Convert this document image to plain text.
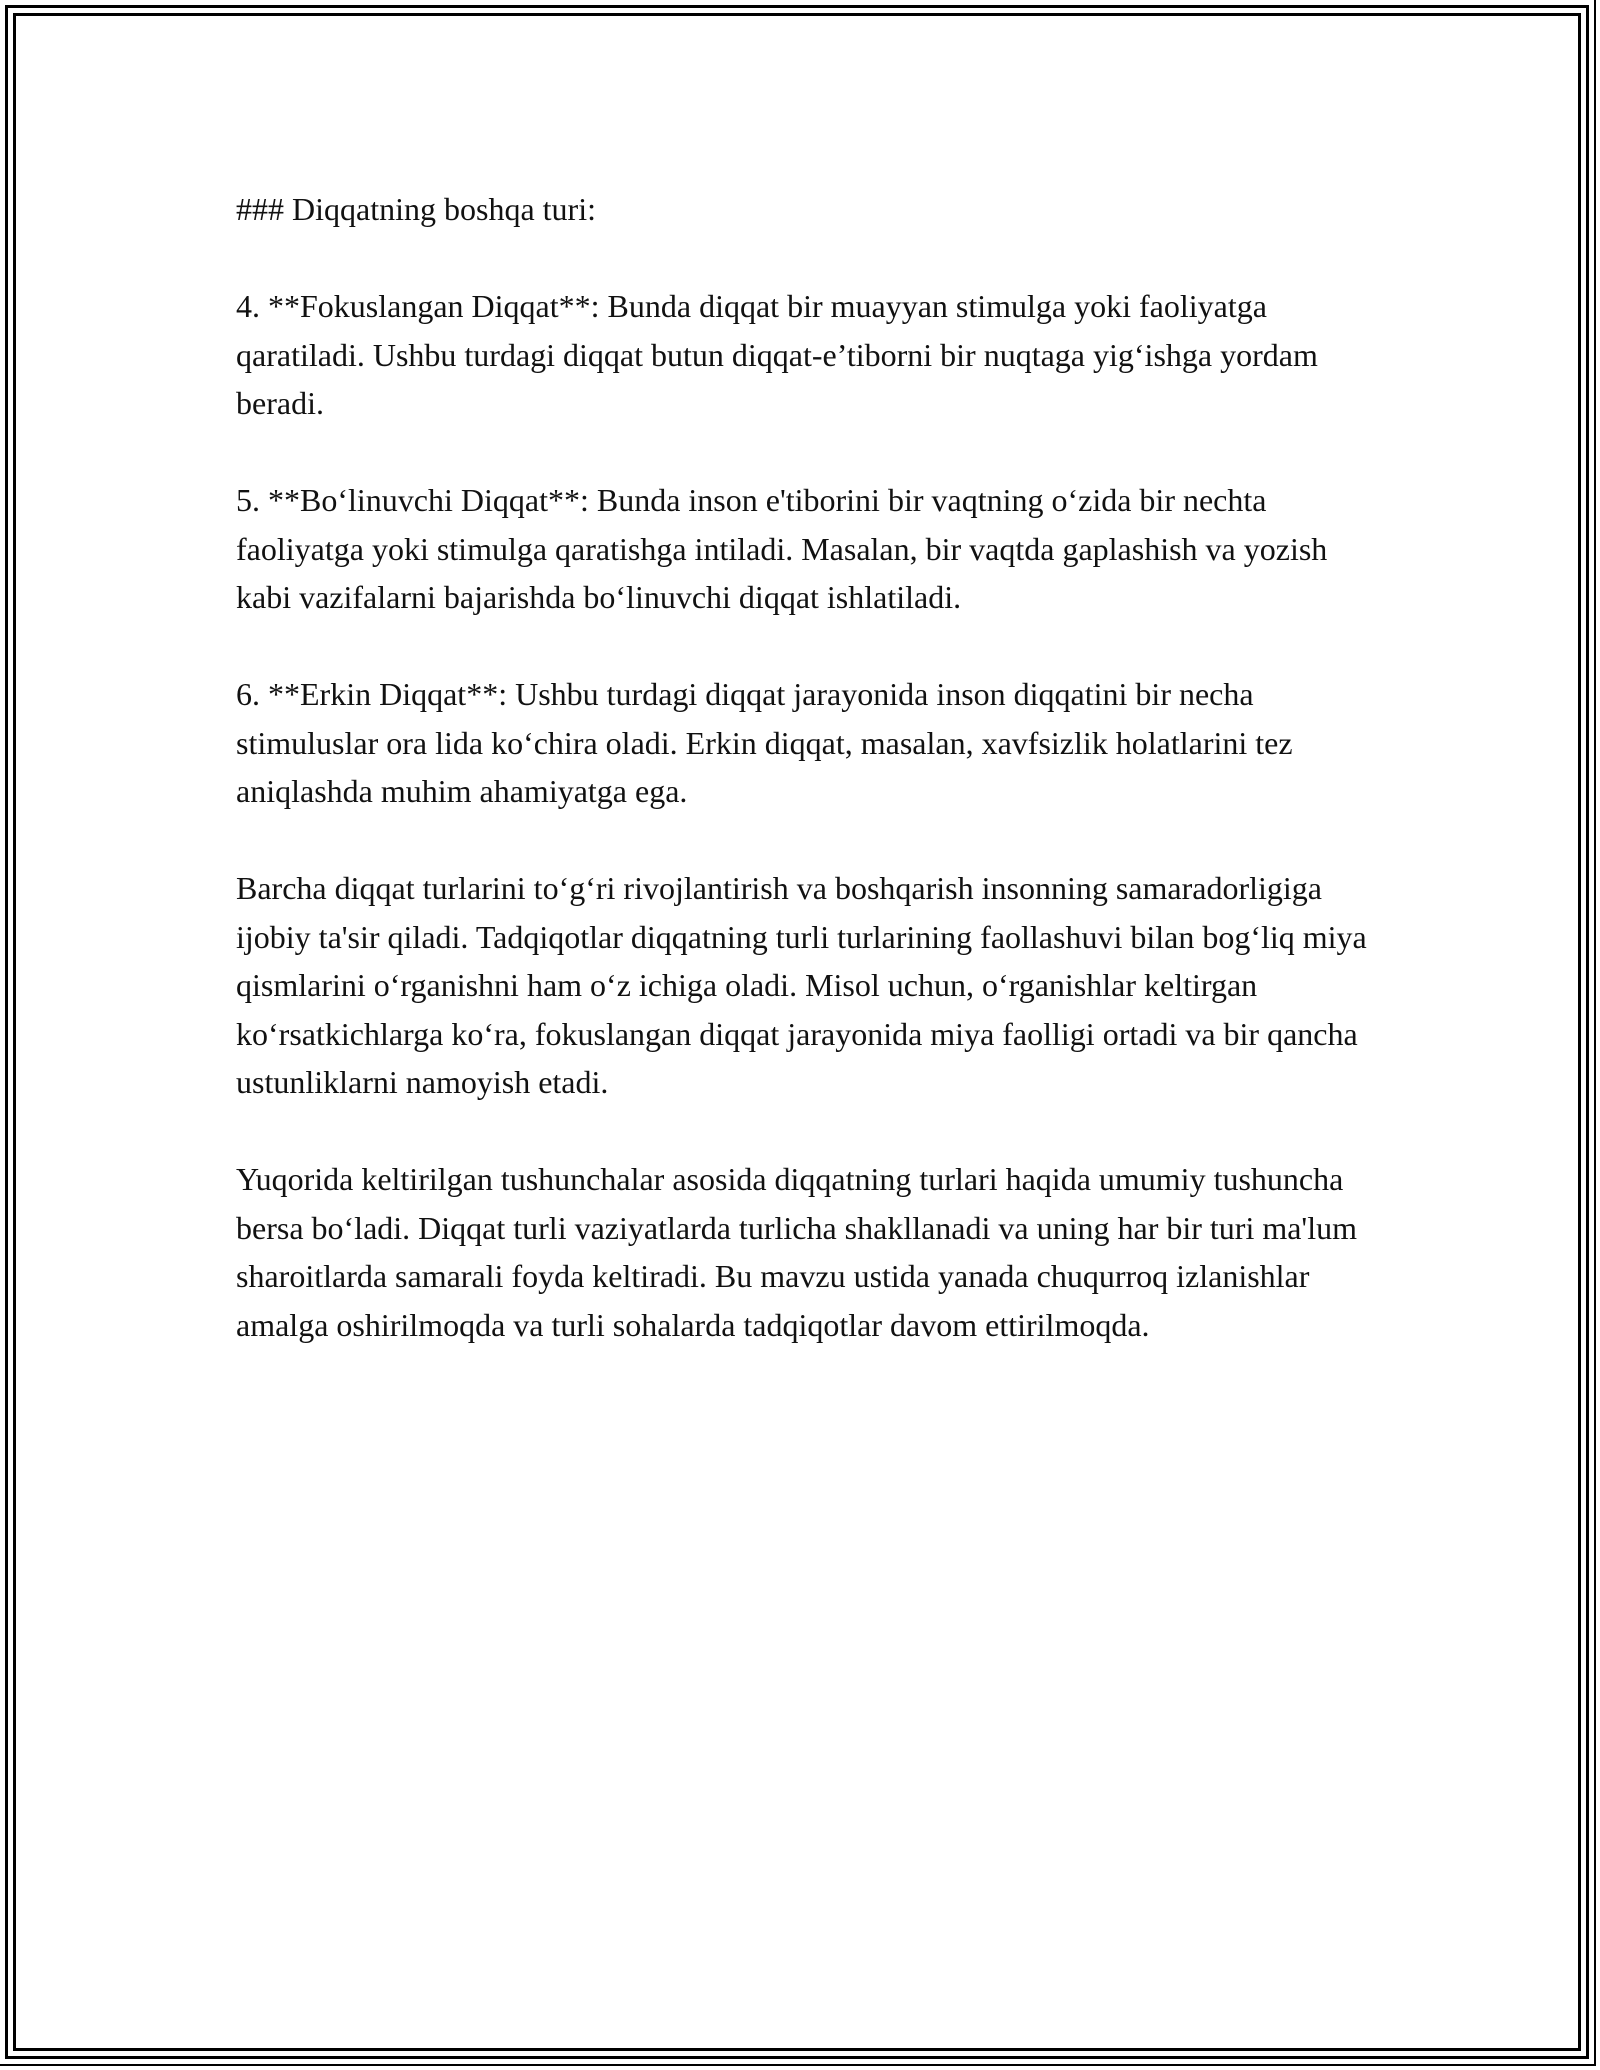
### Diqqatning boshqa turi:

4. **Fokuslangan Diqqat**: Bunda diqqat bir muayyan stimulga yoki faoliyatga qaratiladi. Ushbu turdagi diqqat butun diqqat-e’tiborni bir nuqtaga yig‘ishga yordam beradi.

5. **Bo‘linuvchi Diqqat**: Bunda inson e'tiborini bir vaqtning o‘zida bir nechta faoliyatga yoki stimulga qaratishga intiladi. Masalan, bir vaqtda gaplashish va yozish kabi vazifalarni bajarishda bo‘linuvchi diqqat ishlatiladi.

6. **Erkin Diqqat**: Ushbu turdagi diqqat jarayonida inson diqqatini bir necha stimuluslar ora lida ko‘chira oladi. Erkin diqqat, masalan, xavfsizlik holatlarini tez aniqlashda muhim ahamiyatga ega.

Barcha diqqat turlarini to‘g‘ri rivojlantirish va boshqarish insonning samaradorligiga ijobiy ta'sir qiladi. Tadqiqotlar diqqatning turli turlarining faollashuvi bilan bog‘liq miya qismlarini o‘rganishni ham o‘z ichiga oladi. Misol uchun, o‘rganishlar keltirgan ko‘rsatkichlarga ko‘ra, fokuslangan diqqat jarayonida miya faolligi ortadi va bir qancha ustunliklarni namoyish etadi.

Yuqorida keltirilgan tushunchalar asosida diqqatning turlari haqida umumiy tushuncha bersa bo‘ladi. Diqqat turli vaziyatlarda turlicha shakllanadi va uning har bir turi ma'lum sharoitlarda samarali foyda keltiradi. Bu mavzu ustida yanada chuqurroq izlanishlar amalga oshirilmoqda va turli sohalarda tadqiqotlar davom ettirilmoqda.
